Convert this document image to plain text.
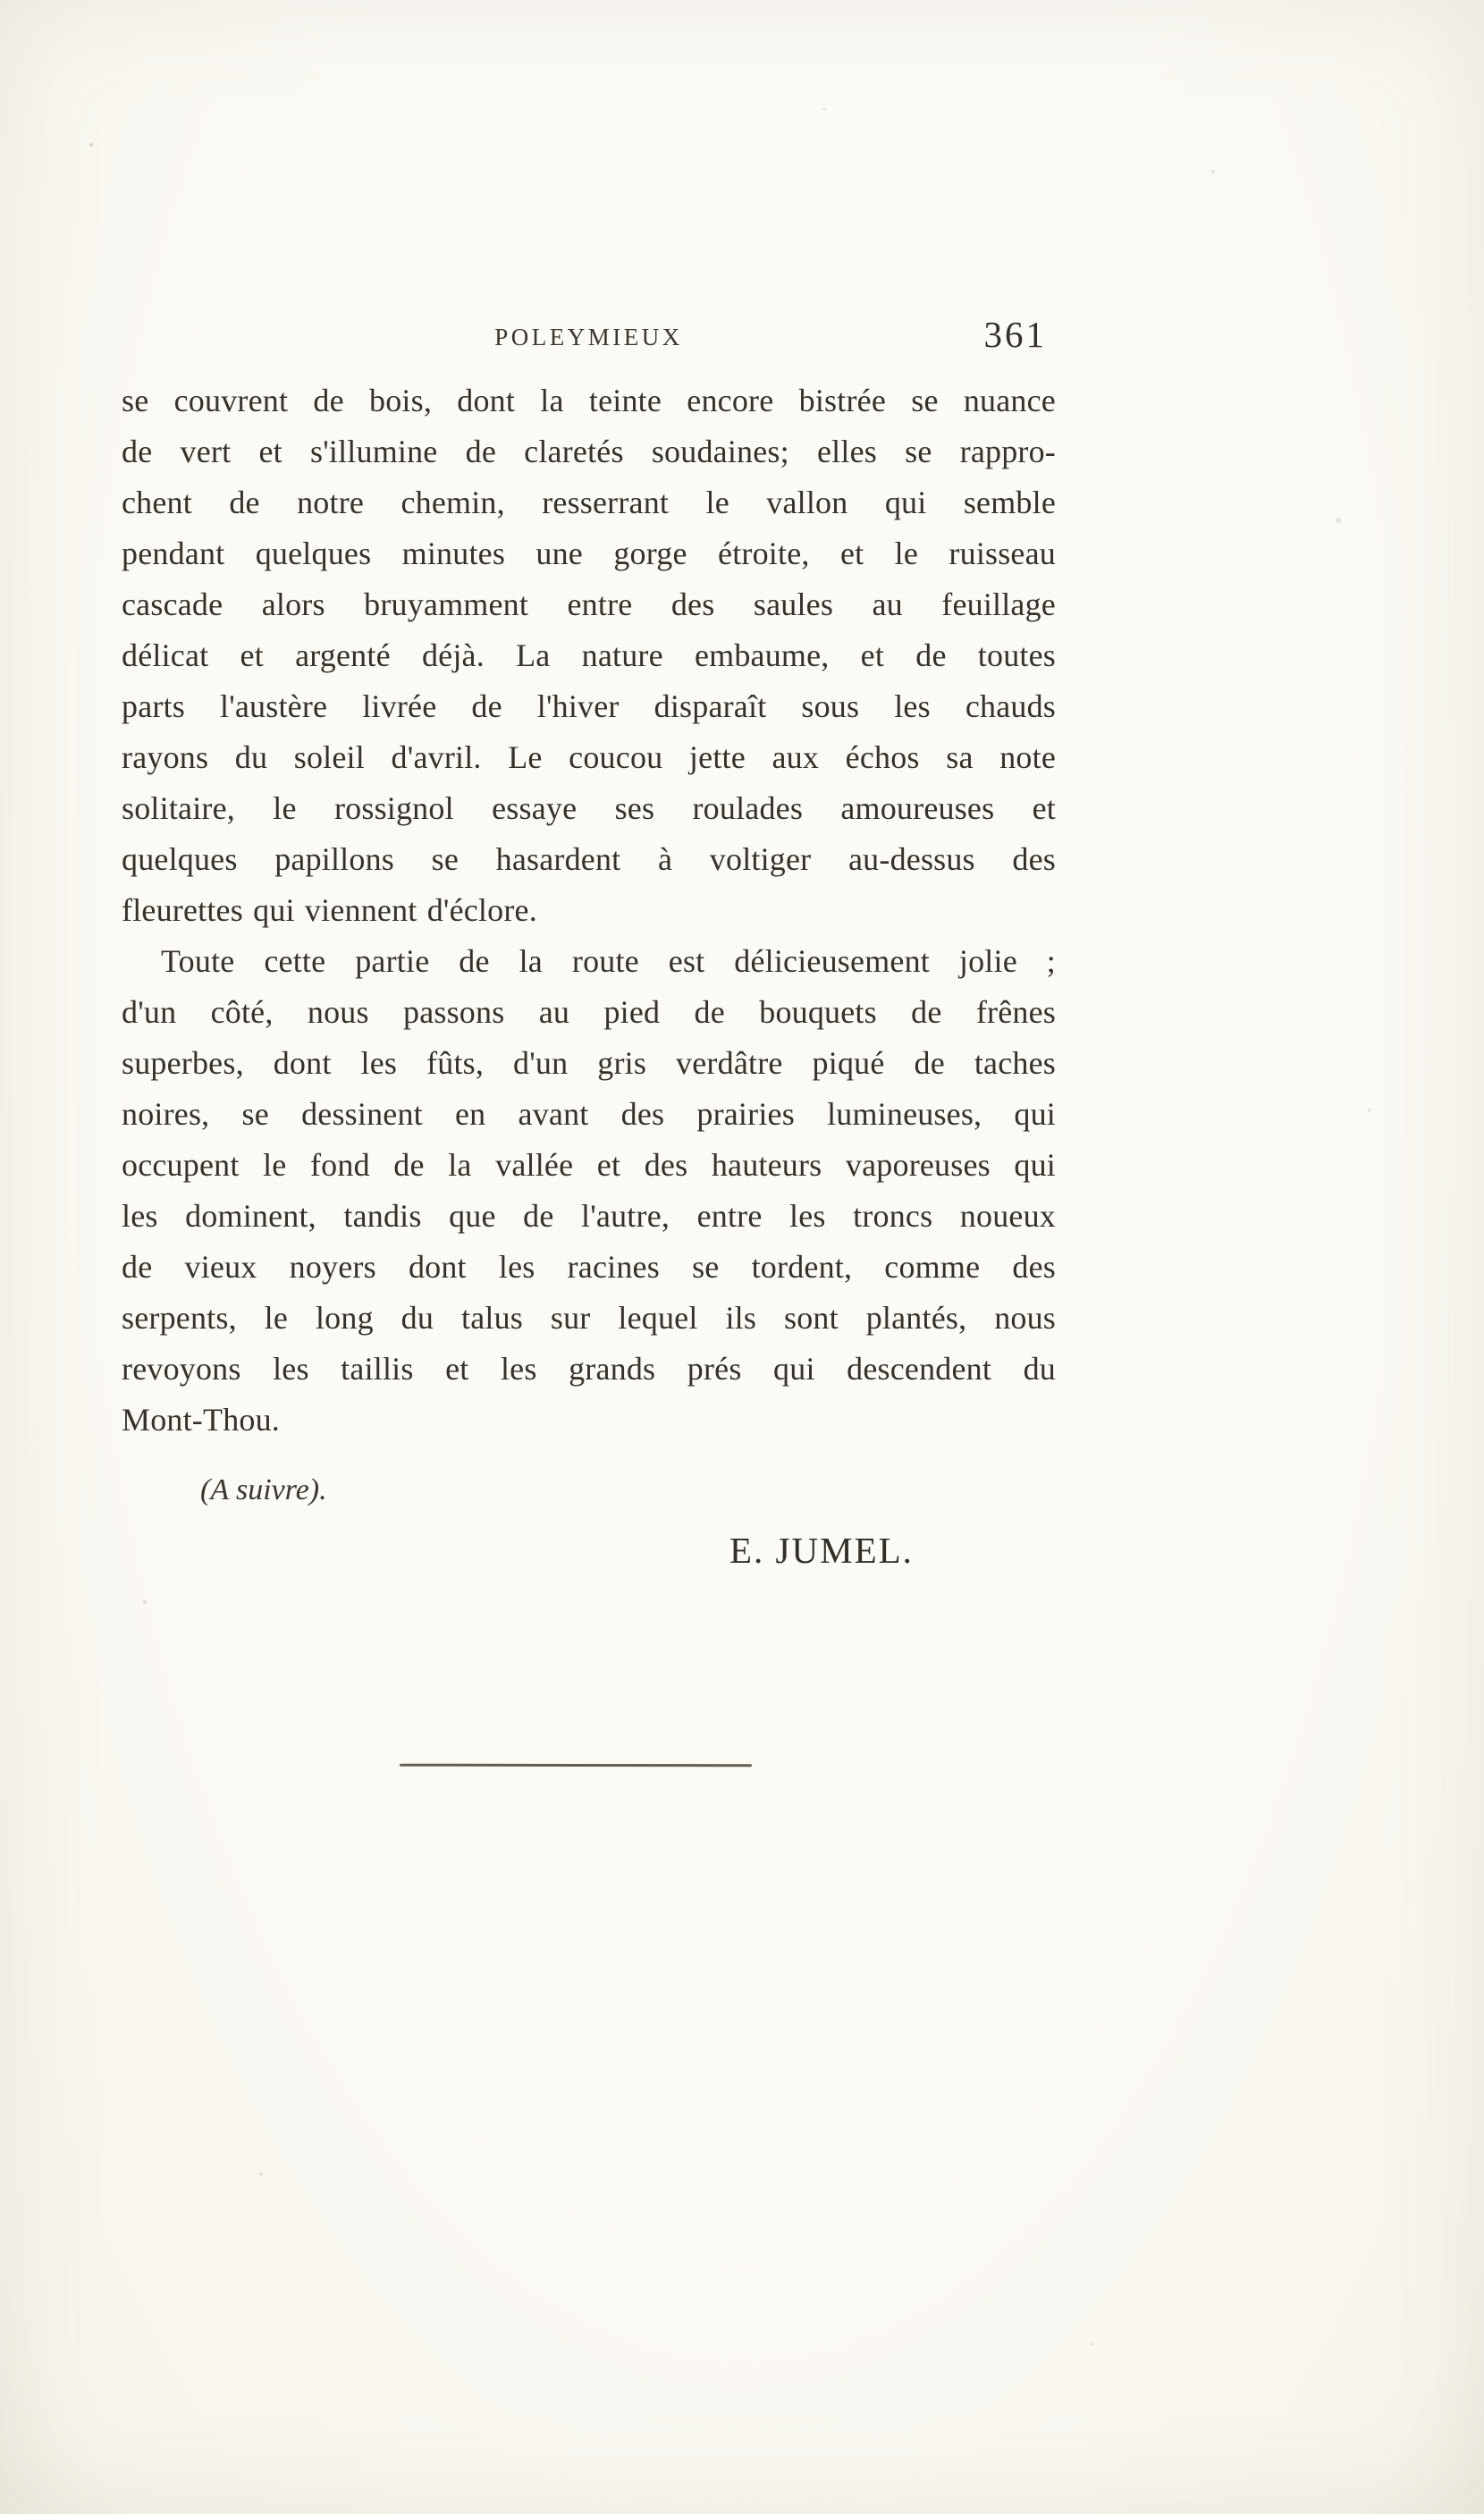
POLEYMIEUX	361
se couvrent de bois, dont la teinte encore bistrée se nuance
de vert et s'illumine de claretés soudaines; elles se rappro-
chent de notre chemin, resserrant le vallon qui semble
pendant quelques minutes une gorge étroite, et le ruisseau
cascade alors bruyamment entre des saules au feuillage
délicat et argenté déjà. La nature embaume, et de toutes
parts l'austère livrée de l'hiver disparaît sous les chauds
rayons du soleil d'avril. Le coucou jette aux échos sa note
solitaire, le rossignol essaye ses roulades amoureuses et
quelques papillons se hasardent à voltiger au-dessus des
fleurettes qui viennent d'éclore.
Toute cette partie de la route est délicieusement jolie ;
d'un côté, nous passons au pied de bouquets de frênes
superbes, dont les fûts, d'un gris verdâtre piqué de taches
noires, se dessinent en avant des prairies lumineuses, qui
occupent le fond de la vallée et des hauteurs vaporeuses qui
les dominent, tandis que de l'autre, entre les troncs noueux
de vieux noyers dont les racines se tordent, comme des
serpents, le long du talus sur lequel ils sont plantés, nous
revoyons les taillis et les grands prés qui descendent du
Mont-Thou.
(A suivre).
E. JUMEL.
